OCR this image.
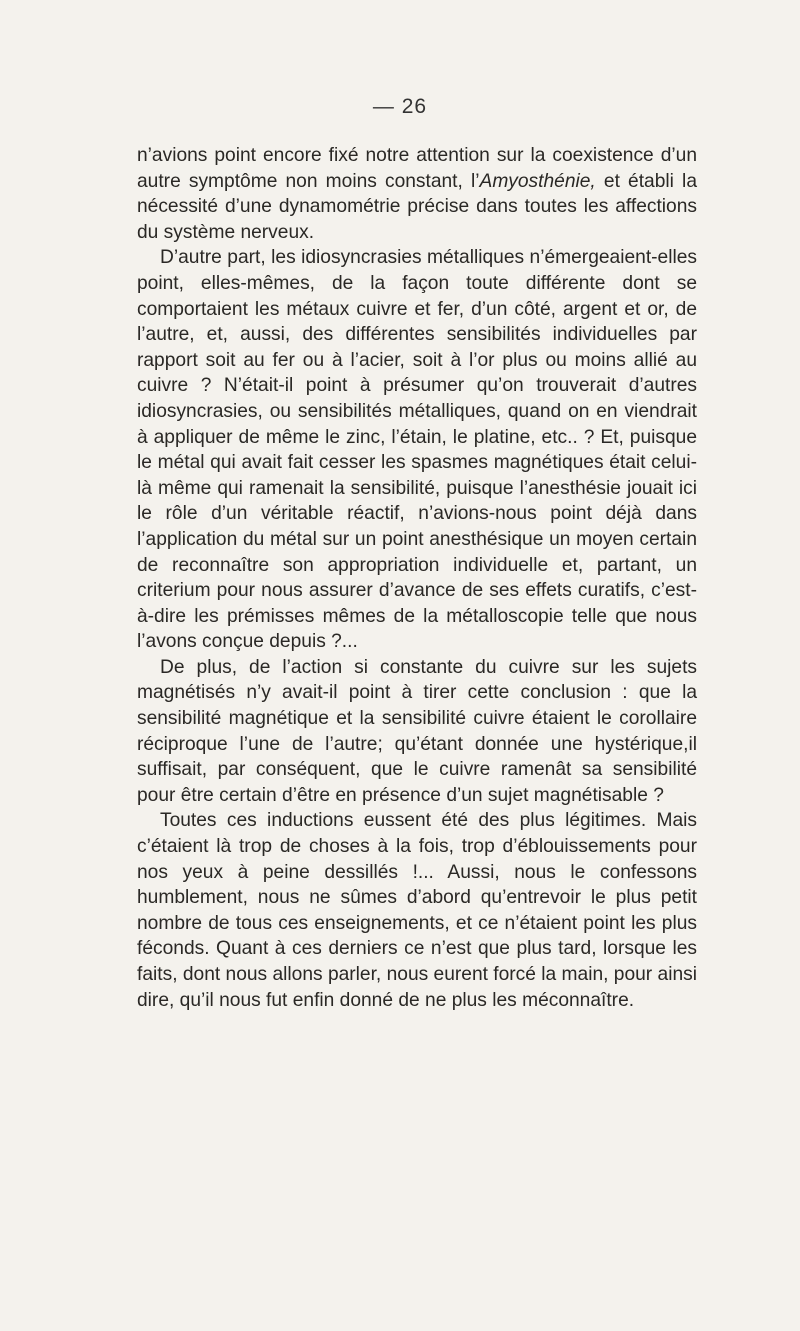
— 26

n’avions point encore fixé notre attention sur la coexistence d’un autre symptôme non moins constant, l’Amyosthénie, et établi la nécessité d’une dynamométrie précise dans toutes les affections du système nerveux.

D’autre part, les idiosyncrasies métalliques n’émergeaient-elles point, elles-mêmes, de la façon toute différente dont se comportaient les métaux cuivre et fer, d’un côté, argent et or, de l’autre, et, aussi, des différentes sensibilités individuelles par rapport soit au fer ou à l’acier, soit à l’or plus ou moins allié au cuivre ? N’était-il point à présumer qu’on trouverait d’autres idiosyncrasies, ou sensibilités métalliques, quand on en viendrait à appliquer de même le zinc, l’étain, le platine, etc.. ? Et, puisque le métal qui avait fait cesser les spasmes magnétiques était celui-là même qui ramenait la sensibilité, puisque l’anesthésie jouait ici le rôle d’un véritable réactif, n’avions-nous point déjà dans l’application du métal sur un point anesthésique un moyen certain de reconnaître son appropriation individuelle et, partant, un criterium pour nous assurer d’avance de ses effets curatifs, c’est-à-dire les prémisses mêmes de la métalloscopie telle que nous l’avons conçue depuis ?...

De plus, de l’action si constante du cuivre sur les sujets magnétisés n’y avait-il point à tirer cette conclusion : que la sensibilité magnétique et la sensibilité cuivre étaient le corollaire réciproque l’une de l’autre; qu’étant donnée une hystérique,il suffisait, par conséquent, que le cuivre ramenât sa sensibilité pour être certain d’être en présence d’un sujet magnétisable ?

Toutes ces inductions eussent été des plus légitimes. Mais c’étaient là trop de choses à la fois, trop d’éblouissements pour nos yeux à peine dessillés !... Aussi, nous le confessons humblement, nous ne sûmes d’abord qu’entrevoir le plus petit nombre de tous ces enseignements, et ce n’étaient point les plus féconds. Quant à ces derniers ce n’est que plus tard, lorsque les faits, dont nous allons parler, nous eurent forcé la main, pour ainsi dire, qu’il nous fut enfin donné de ne plus les méconnaître.
